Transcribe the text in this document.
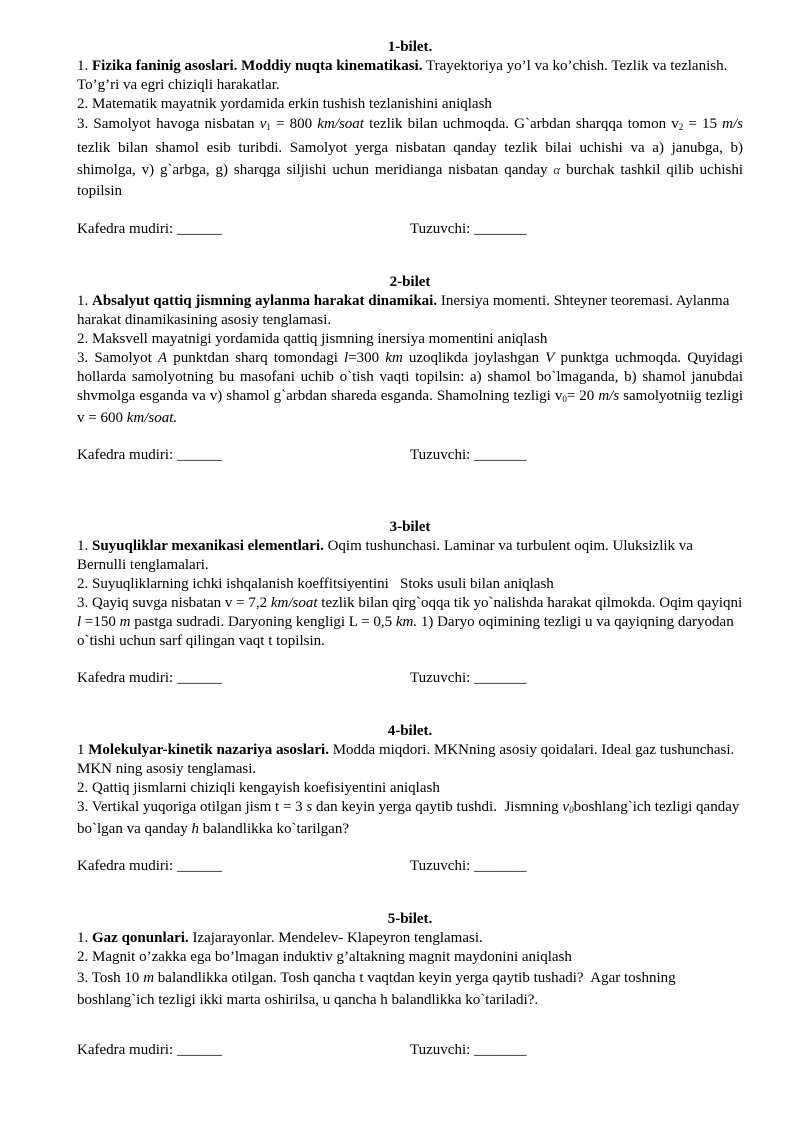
1-bilet.

1. Fizika faninig asoslari. Moddiy nuqta kinematikasi. Trayektoriya yo’l va ko’chish. Tezlik va tezlanish. To’g’ri va egri chiziqli harakatlar.

2. Matematik mayatnik yordamida erkin tushish tezlanishini aniqlash

3. Samolyot havoga nisbatan $v_1 = 800$ km/soat tezlik bilan uchmoqda. G`arbdan sharqqa tomon $v_2 = 15$ m/s tezlik bilan shamol esib turibdi. Samolyot yerga nisbatan qanday tezlik bilai uchishi va a) janubga, b) shimolga, v) g`arbga, g) sharqga siljishi uchun meridianga nisbatan qanday α burchak tashkil qilib uchishi topilsin

Kafedra mudiri: ______	Tuzuvchi: _______

2-bilet

1. Absalyut qattiq jismning aylanma harakat dinamikai. Inersiya momenti. Shteyner teoremasi. Aylanma harakat dinamikasining asosiy tenglamasi.

2. Maksvell mayatnigi yordamida qattiq jismning inersiya momentini aniqlash

3. Samolyot A punktdan sharq tomondagi l=300 km uzoqlikda joylashgan V punktga uchmoqda. Quyidagi hollarda samolyotning bu masofani uchib o`tish vaqti topilsin: a) shamol bo`lmaganda, b) shamol janubdai shvmolga esganda va v) shamol g`arbdan shareda esganda. Shamolning tezligi $v_0= 20$ m/s samolyotniig tezligi v = 600 km/soat.

Kafedra mudiri: ______	Tuzuvchi: _______

3-bilet

1. Suyuqliklar mexanikasi elementlari. Oqim tushunchasi. Laminar va turbulent oqim. Uluksizlik va Bernulli tenglamalari.

2. Suyuqliklarning ichki ishqalanish koeffitsiyentini   Stoks usuli bilan aniqlash

3. Qayiq suvga nisbatan v = 7,2 km/soat tezlik bilan qirg`oqqa tik yo`nalishda harakat qilmokda. Oqim qayiqni l =150 m pastga sudradi. Daryoning kengligi L = 0,5 km. 1) Daryo oqimining tezligi u va qayiqning daryodan o`tishi uchun sarf qilingan vaqt t topilsin.

Kafedra mudiri: ______	Tuzuvchi: _______

4-bilet.

1 Molekulyar-kinetik nazariya asoslari. Modda miqdori. MKNning asosiy qoidalari. Ideal gaz tushunchasi. MKN ning asosiy tenglamasi.

2. Qattiq jismlarni chiziqli kengayish koefisiyentini aniqlash

3. Vertikal yuqoriga otilgan jism t = 3 s dan keyin yerga qaytib tushdi.  Jismning $v_0boshlang`ich$ tezligi qanday bo`lgan va qanday h balandlikka ko`tarilgan?

Kafedra mudiri: ______	Tuzuvchi: _______

5-bilet.

1. Gaz qonunlari. Izajarayonlar. Mendelev- Klapeyron tenglamasi.

2. Magnit o’zakka ega bo’lmagan induktiv g’altakning magnit maydonini aniqlash

3. Tosh 10 m balandlikka otilgan. Tosh qancha t vaqtdan keyin yerga qaytib tushadi?  Agar toshning boshlang`ich tezligi ikki marta oshirilsa, u qancha h balandlikka ko`tariladi?.

Kafedra mudiri: ______	Tuzuvchi: _______
